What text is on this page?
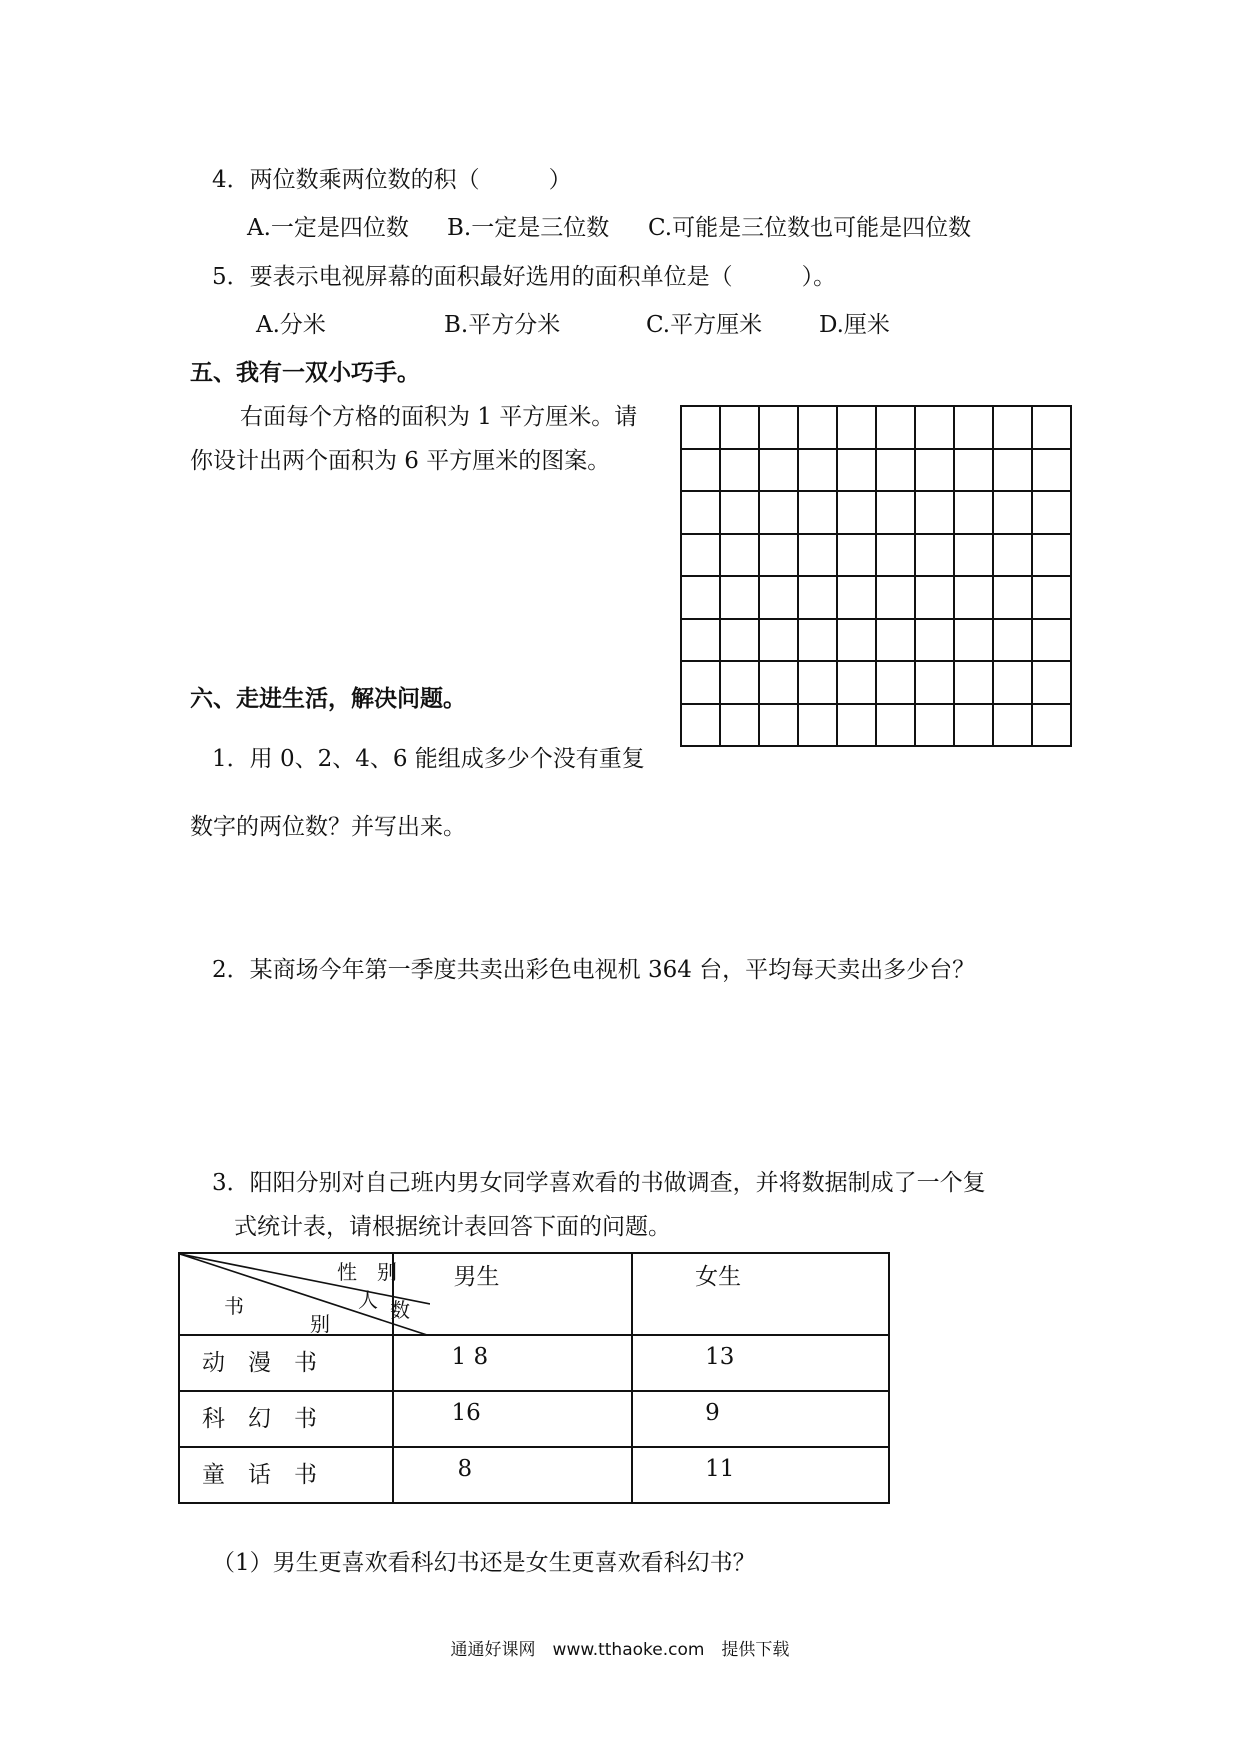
4．两位数乘两位数的积（　　　）
A.一定是四位数 B.一定是三位数 C.可能是三位数也可能是四位数
5．要表示电视屏幕的面积最好选用的面积单位是（　　　）。
A.分米	B.平方分米	C.平方厘米 D.厘米
五、我有一双小巧手。
右面每个方格的面积为 1 平方厘米。请
你设计出两个面积为 6 平方厘米的图案。
六、走进生活，解决问题。
1．用 0、2、4、6 能组成多少个没有重复
数字的两位数？并写出来。
2．某商场今年第一季度共卖出彩色电视机 364 台，平均每天卖出多少台？
3．阳阳分别对自己班内男女同学喜欢看的书做调查，并将数据制成了一个复
式统计表，请根据统计表回答下面的问题。
性　别
人 数
书
别	男生	女生
动　漫　书	1 8	13
科　幻　书	16	9
童　话　书	8	11
（1）男生更喜欢看科幻书还是女生更喜欢看科幻书？
通通好课网　www.tthaoke.com　提供下载
